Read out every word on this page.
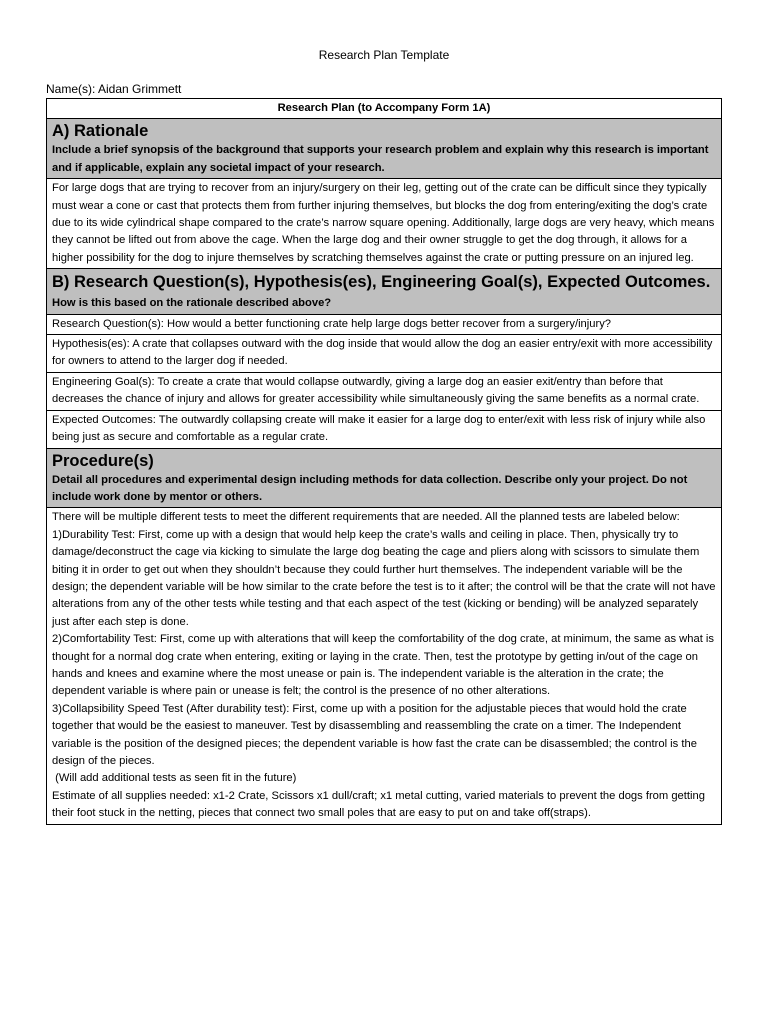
Research Plan Template
Name(s): Aidan Grimmett
Research Plan (to Accompany Form 1A)

A) Rationale
Include a brief synopsis of the background that supports your research problem and explain why this research is important and if applicable, explain any societal impact of your research.

For large dogs that are trying to recover from an injury/surgery on their leg, getting out of the crate can be difficult since they typically must wear a cone or cast that protects them from further injuring themselves, but blocks the dog from entering/exiting the dog’s crate due to its wide cylindrical shape compared to the crate’s narrow square opening. Additionally, large dogs are very heavy, which means they cannot be lifted out from above the cage. When the large dog and their owner struggle to get the dog through, it allows for a higher possibility for the dog to injure themselves by scratching themselves against the crate or putting pressure on an injured leg.

B) Research Question(s), Hypothesis(es), Engineering Goal(s), Expected Outcomes.
How is this based on the rationale described above?

Research Question(s): How would a better functioning crate help large dogs better recover from a surgery/injury?
Hypothesis(es): A crate that collapses outward with the dog inside that would allow the dog an easier entry/exit with more accessibility for owners to attend to the larger dog if needed.
Engineering Goal(s): To create a crate that would collapse outwardly, giving a large dog an easier exit/entry than before that decreases the chance of injury and allows for greater accessibility while simultaneously giving the same benefits as a normal crate.
Expected Outcomes: The outwardly collapsing create will make it easier for a large dog to enter/exit with less risk of injury while also being just as secure and comfortable as a regular crate.

Procedure(s)
Detail all procedures and experimental design including methods for data collection. Describe only your project. Do not include work done by mentor or others.

There will be multiple different tests to meet the different requirements that are needed. All the planned tests are labeled below:
1)Durability Test: First, come up with a design that would help keep the crate’s walls and ceiling in place. Then, physically try to damage/deconstruct the cage via kicking to simulate the large dog beating the cage and pliers along with scissors to simulate them biting it in order to get out when they shouldn’t because they could further hurt themselves. The independent variable will be the design; the dependent variable will be how similar to the crate before the test is to it after; the control will be that the crate will not have alterations from any of the other tests while testing and that each aspect of the test (kicking or bending) will be analyzed separately just after each step is done.
2)Comfortability Test: First, come up with alterations that will keep the comfortability of the dog crate, at minimum, the same as what is thought for a normal dog crate when entering, exiting or laying in the crate. Then, test the prototype by getting in/out of the cage on hands and knees and examine where the most unease or pain is. The independent variable is the alteration in the crate; the dependent variable is where pain or unease is felt; the control is the presence of no other alterations.
3)Collapsibility Speed Test (After durability test): First, come up with a position for the adjustable pieces that would hold the crate together that would be the easiest to maneuver. Test by disassembling and reassembling the crate on a timer. The Independent variable is the position of the designed pieces; the dependent variable is how fast the crate can be disassembled; the control is the design of the pieces.
(Will add additional tests as seen fit in the future)
Estimate of all supplies needed: x1-2 Crate, Scissors x1 dull/craft; x1 metal cutting, varied materials to prevent the dogs from getting their foot stuck in the netting, pieces that connect two small poles that are easy to put on and take off(straps).
